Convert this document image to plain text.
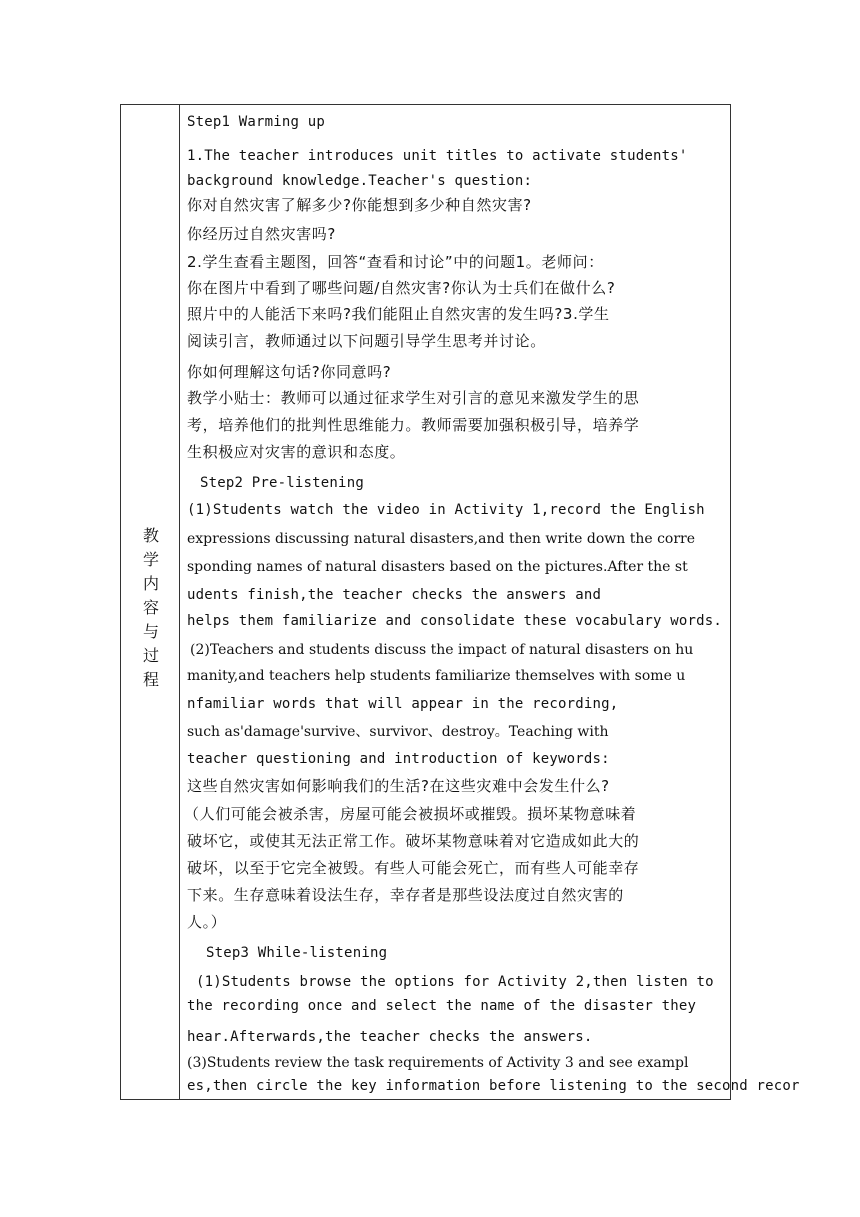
教学内容与过程
Step1 Warming up
1.The teacher introduces unit titles to activate students'
background knowledge.Teacher's question:
你对自然灾害了解多少?你能想到多少种自然灾害?
你经历过自然灾害吗?
2.学生查看主题图，回答“查看和讨论”中的问题1。老师问：
你在图片中看到了哪些问题/自然灾害?你认为士兵们在做什么?
照片中的人能活下来吗?我们能阻止自然灾害的发生吗?3.学生
阅读引言，教师通过以下问题引导学生思考并讨论。
你如何理解这句话?你同意吗?
教学小贴士：教师可以通过征求学生对引言的意见来激发学生的思
考，培养他们的批判性思维能力。教师需要加强积极引导，培养学
生积极应对灾害的意识和态度。
Step2 Pre-listening
(1)Students watch the video in Activity 1,record the English
expressions discussing natural disasters,and then write down the corre
sponding names of natural disasters based on the pictures.After the st
udents finish,the teacher checks the answers and
helps them familiarize and consolidate these vocabulary words.
(2)Teachers and students discuss the impact of natural disasters on hu
manity,and teachers help students familiarize themselves with some u
nfamiliar words that will appear in the recording,
such as'damage'survive、survivor、destroy。Teaching with
teacher questioning and introduction of keywords:
这些自然灾害如何影响我们的生活?在这些灾难中会发生什么?
（人们可能会被杀害，房屋可能会被损坏或摧毁。损坏某物意味着
破坏它，或使其无法正常工作。破坏某物意味着对它造成如此大的
破坏，以至于它完全被毁。有些人可能会死亡，而有些人可能幸存
下来。生存意味着设法生存，幸存者是那些设法度过自然灾害的
人。）
Step3 While-listening
(1)Students browse the options for Activity 2,then listen to
the recording once and select the name of the disaster they
hear.Afterwards,the teacher checks the answers.
(3)Students review the task requirements of Activity 3 and see exampl
es,then circle the key information before listening to the second recor
